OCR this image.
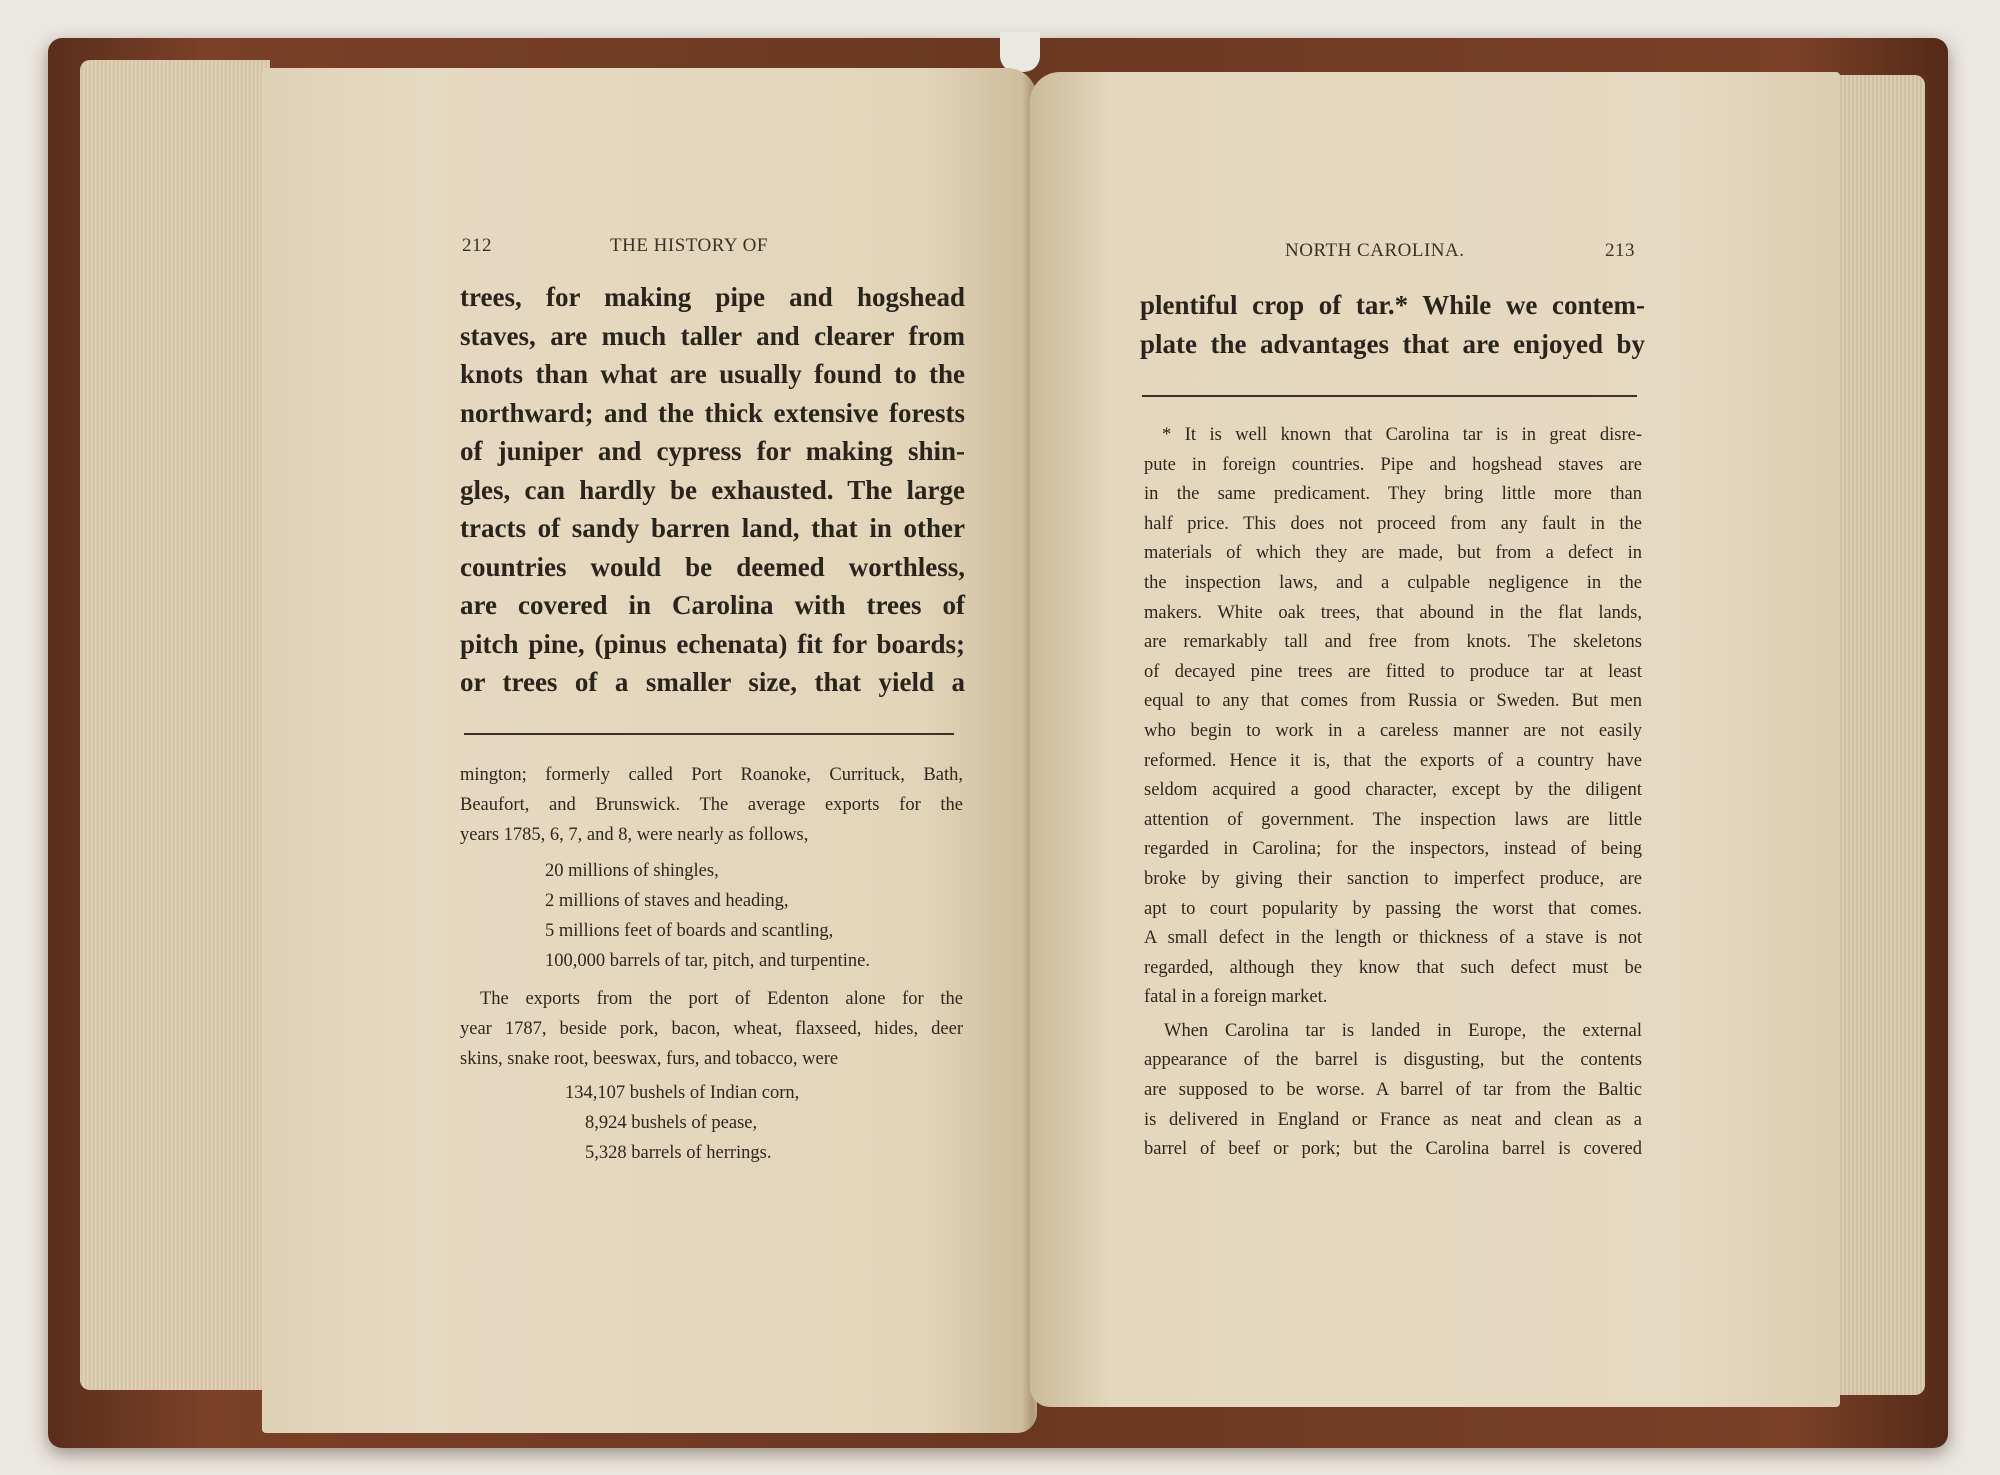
212	THE HISTORY OF
trees, for making pipe and hogshead
staves, are much taller and clearer from
knots than what are usually found to the
northward; and the thick extensive forests
of juniper and cypress for making shin-
gles, can hardly be exhausted. The large
tracts of sandy barren land, that in other
countries would be deemed worthless,
are covered in Carolina with trees of
pitch pine, (pinus echenata) fit for boards;
or trees of a smaller size, that yield a
mington; formerly called Port Roanoke, Currituck, Bath,
Beaufort, and Brunswick. The average exports for the
years 1785, 6, 7, and 8, were nearly as follows,
20 millions of shingles,
2 millions of staves and heading,
5 millions feet of boards and scantling,
100,000 barrels of tar, pitch, and turpentine.
The exports from the port of Edenton alone for the
year 1787, beside pork, bacon, wheat, flaxseed, hides, deer
skins, snake root, beeswax, furs, and tobacco, were
134,107 bushels of Indian corn,
8,924 bushels of pease,
5,328 barrels of herrings.
NORTH CAROLINA.	213
plentiful crop of tar.* While we contem-
plate the advantages that are enjoyed by
* It is well known that Carolina tar is in great disre-
pute in foreign countries. Pipe and hogshead staves are
in the same predicament. They bring little more than
half price. This does not proceed from any fault in the
materials of which they are made, but from a defect in
the inspection laws, and a culpable negligence in the
makers. White oak trees, that abound in the flat lands,
are remarkably tall and free from knots. The skeletons
of decayed pine trees are fitted to produce tar at least
equal to any that comes from Russia or Sweden. But men
who begin to work in a careless manner are not easily
reformed. Hence it is, that the exports of a country have
seldom acquired a good character, except by the diligent
attention of government. The inspection laws are little
regarded in Carolina; for the inspectors, instead of being
broke by giving their sanction to imperfect produce, are
apt to court popularity by passing the worst that comes.
A small defect in the length or thickness of a stave is not
regarded, although they know that such defect must be
fatal in a foreign market.
When Carolina tar is landed in Europe, the external
appearance of the barrel is disgusting, but the contents
are supposed to be worse. A barrel of tar from the Baltic
is delivered in England or France as neat and clean as a
barrel of beef or pork; but the Carolina barrel is covered
